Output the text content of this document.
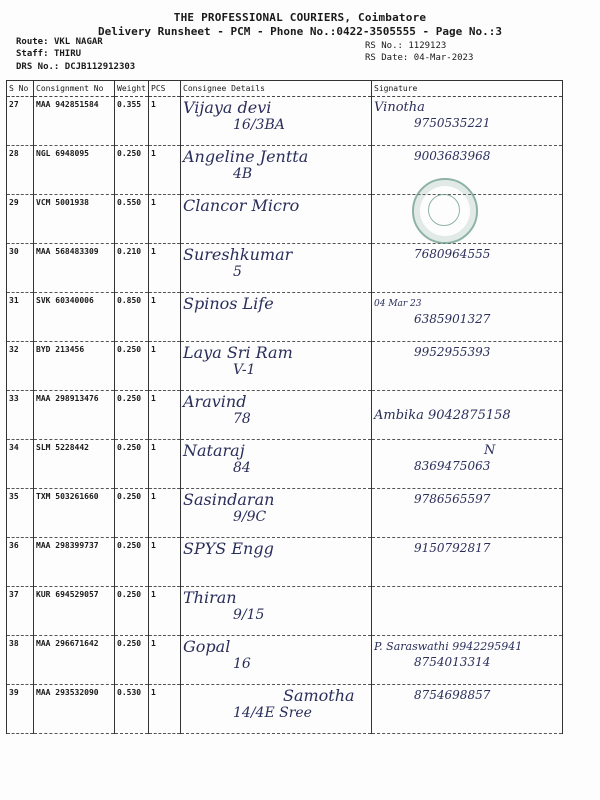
THE PROFESSIONAL COURIERS, Coimbatore
Delivery Runsheet - PCM - Phone No.:0422-3505555 - Page No.:3
Route: VKL NAGAR
Staff: THIRU
DRS No.: DCJB112912303
RS No.: 1129123
RS Date: 04-Mar-2023
S No	Consignment No	Weight	PCS	Consignee Details	Signature
27	MAA 942851584	0.355	1	Vijaya devi
16/3BA	Vinotha
9750535221

28	NGL 6948095	0.250	1	Angeline Jentta
4B	9003683968

29	VCM 5001938	0.550	1	Clancor Micro	

30	MAA 568483309	0.210	1	Sureshkumar
5	7680964555

31	SVK 60340006	0.850	1	Spinos Life	04 Mar 23
6385901327

32	BYD 213456	0.250	1	Laya Sri Ram
V-1	9952955393

33	MAA 298913476	0.250	1	Aravind
78	Ambika 9042875158

34	SLM 5228442	0.250	1	Nataraj
84	N
8369475063

35	TXM 503261660	0.250	1	Sasindaran
9/9C	9786565597

36	MAA 298399737	0.250	1	SPYS Engg	9150792817

37	KUR 694529057	0.250	1	Thiran
9/15	

38	MAA 296671642	0.250	1	Gopal
16	P. Saraswathi 9942295941
8754013314

39	MAA 293532090	0.530	1	Samotha
14/4E Sree	8754698857
